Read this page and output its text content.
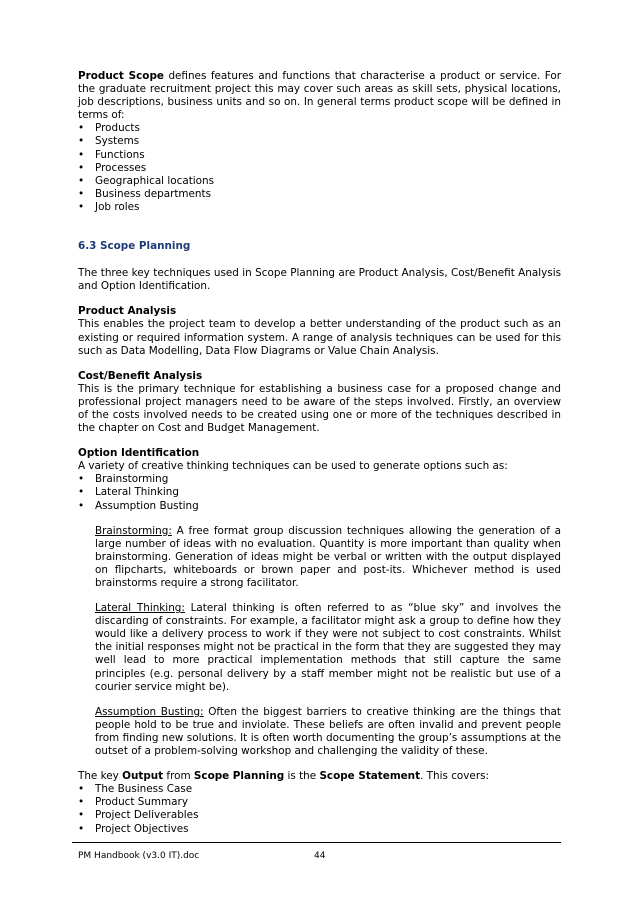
Product Scope defines features and functions that characterise a product or service. For the graduate recruitment project this may cover such areas as skill sets, physical locations, job descriptions, business units and so on. In general terms product scope will be defined in terms of:

• Products
• Systems
• Functions
• Processes
• Geographical locations
• Business departments
• Job roles

6.3 Scope Planning

The three key techniques used in Scope Planning are Product Analysis, Cost/Benefit Analysis and Option Identification.

Product Analysis

This enables the project team to develop a better understanding of the product such as an existing or required information system. A range of analysis techniques can be used for this such as Data Modelling, Data Flow Diagrams or Value Chain Analysis.

Cost/Benefit Analysis

This is the primary technique for establishing a business case for a proposed change and professional project managers need to be aware of the steps involved. Firstly, an overview of the costs involved needs to be created using one or more of the techniques described in the chapter on Cost and Budget Management.

Option Identification

A variety of creative thinking techniques can be used to generate options such as:

• Brainstorming
• Lateral Thinking
• Assumption Busting

Brainstorming: A free format group discussion techniques allowing the generation of a large number of ideas with no evaluation. Quantity is more important than quality when brainstorming. Generation of ideas might be verbal or written with the output displayed on flipcharts, whiteboards or brown paper and post-its. Whichever method is used brainstorms require a strong facilitator.

Lateral Thinking: Lateral thinking is often referred to as “blue sky” and involves the discarding of constraints. For example, a facilitator might ask a group to define how they would like a delivery process to work if they were not subject to cost constraints. Whilst the initial responses might not be practical in the form that they are suggested they may well lead to more practical implementation methods that still capture the same principles (e.g. personal delivery by a staff member might not be realistic but use of a courier service might be).

Assumption Busting: Often the biggest barriers to creative thinking are the things that people hold to be true and inviolate. These beliefs are often invalid and prevent people from finding new solutions. It is often worth documenting the group’s assumptions at the outset of a problem-solving workshop and challenging the validity of these.

The key Output from Scope Planning is the Scope Statement. This covers:

• The Business Case
• Product Summary
• Project Deliverables
• Project Objectives
PM Handbook (v3.0 IT).doc	44
